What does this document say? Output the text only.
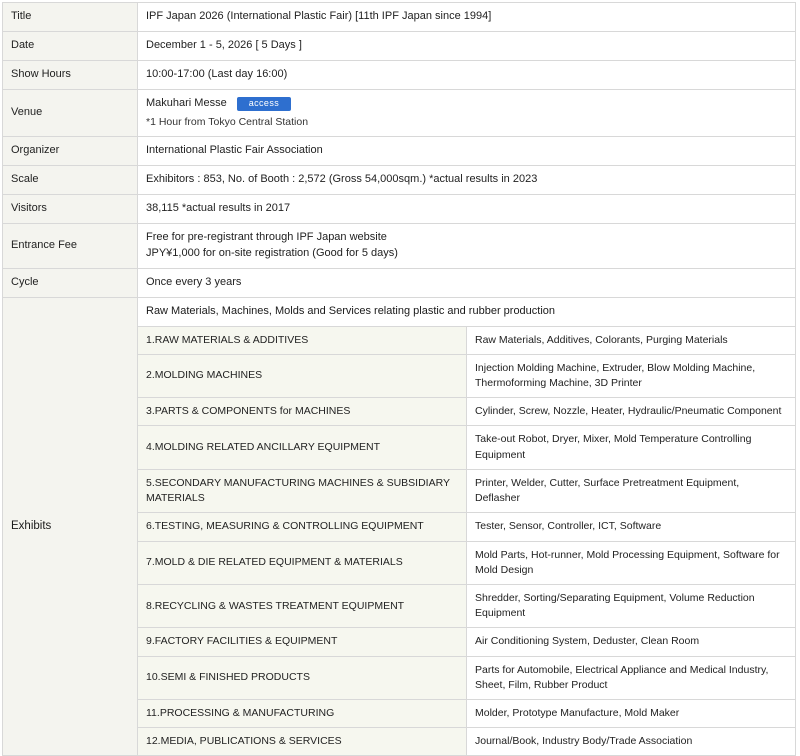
Title	IPF Japan 2026 (International Plastic Fair) [11th IPF Japan since 1994]	
Date	December 1 - 5, 2026 [ 5 Days ]	
Show Hours	10:00-17:00 (Last day 16:00)	
Venue	Makuhari Messe access
*1 Hour from Tokyo Central Station	

Organizer	International Plastic Fair Association	
Scale	Exhibitors : 853, No. of Booth : 2,572 (Gross 54,000sqm.) *actual results in 2023	
Visitors	38,115 *actual results in 2017	
Entrance Fee	Free for pre-registrant through IPF Japan website
JPY¥1,000 for on-site registration (Good for 5 days)	

Cycle	Once every 3 years	
Exhibits	Raw Materials, Machines, Molds and Services relating plastic and rubber production	
	1.RAW MATERIALS & ADDITIVES	Raw Materials, Additives, Colorants, Purging Materials
	2.MOLDING MACHINES	Injection Molding Machine, Extruder, Blow Molding Machine, Thermoforming Machine, 3D Printer
	3.PARTS & COMPONENTS for MACHINES	Cylinder, Screw, Nozzle, Heater, Hydraulic/Pneumatic Component
	4.MOLDING RELATED ANCILLARY EQUIPMENT	Take-out Robot, Dryer, Mixer, Mold Temperature Controlling Equipment
	5.SECONDARY MANUFACTURING MACHINES & SUBSIDIARY MATERIALS	Printer, Welder, Cutter, Surface Pretreatment Equipment, Deflasher
	6.TESTING, MEASURING & CONTROLLING EQUIPMENT	Tester, Sensor, Controller, ICT, Software
	7.MOLD & DIE RELATED EQUIPMENT & MATERIALS	Mold Parts, Hot-runner, Mold Processing Equipment, Software for Mold Design
	8.RECYCLING & WASTES TREATMENT EQUIPMENT	Shredder, Sorting/Separating Equipment, Volume Reduction Equipment
	9.FACTORY FACILITIES & EQUIPMENT	Air Conditioning System, Deduster, Clean Room
	10.SEMI & FINISHED PRODUCTS	Parts for Automobile, Electrical Appliance and Medical Industry, Sheet, Film, Rubber Product
	11.PROCESSING & MANUFACTURING	Molder, Prototype Manufacture, Mold Maker
	12.MEDIA, PUBLICATIONS & SERVICES	Journal/Book, Industry Body/Trade Association
